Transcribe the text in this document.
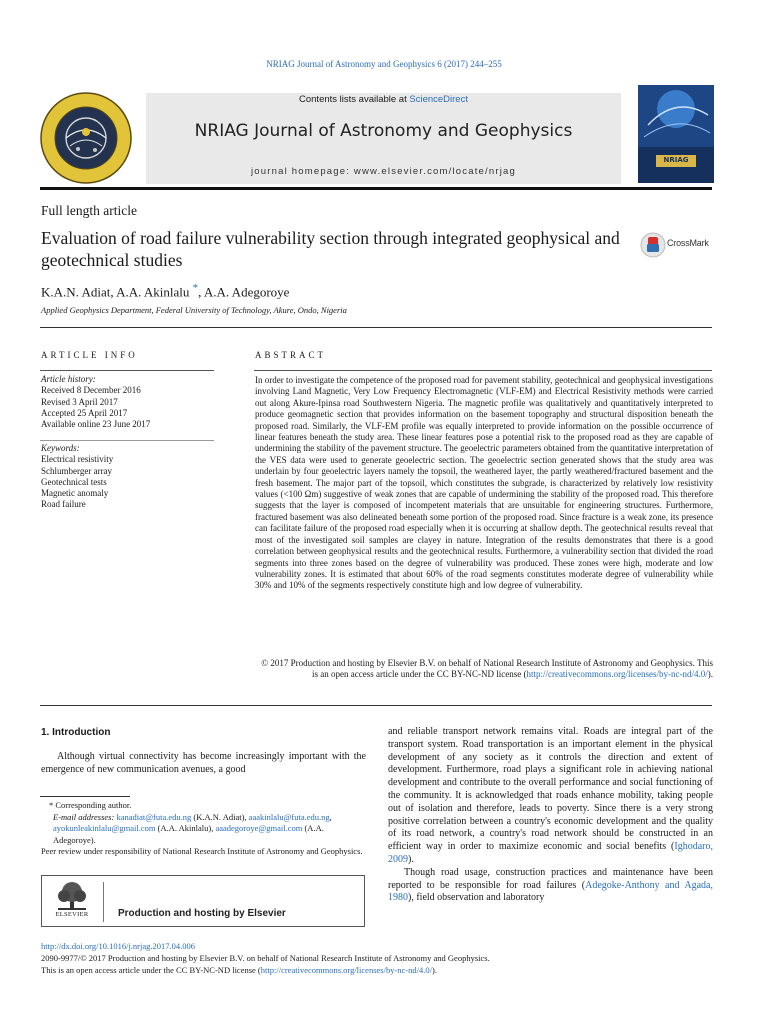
NRIAG Journal of Astronomy and Geophysics 6 (2017) 244–255
Contents lists available at ScienceDirect
NRIAG Journal of Astronomy and Geophysics
journal homepage: www.elsevier.com/locate/nrjag
NRIAG
Full length article
Evaluation of road failure vulnerability section through integrated geophysical and geotechnical studies
CrossMark
K.A.N. Adiat, A.A. Akinlalu *, A.A. Adegoroye
Applied Geophysics Department, Federal University of Technology, Akure, Ondo, Nigeria
ARTICLE INFO	ABSTRACT
Article history:
Received 8 December 2016
Revised 3 April 2017
Accepted 25 April 2017
Available online 23 June 2017
Keywords:
Electrical resistivity
Schlumberger array
Geotechnical tests
Magnetic anomaly
Road failure
In order to investigate the competence of the proposed road for pavement stability, geotechnical and geophysical investigations involving Land Magnetic, Very Low Frequency Electromagnetic (VLF-EM) and Electrical Resistivity methods were carried out along Akure-Ipinsa road Southwestern Nigeria. The magnetic profile was qualitatively and quantitatively interpreted to produce geomagnetic section that provides information on the basement topography and structural disposition beneath the proposed road. Similarly, the VLF-EM profile was equally interpreted to provide information on the possible occurrence of linear features beneath the study area. These linear features pose a potential risk to the proposed road as they are capable of undermining the stability of the pavement structure. The geoelectric parameters obtained from the quantitative interpretation of the VES data were used to generate geoelectric section. The geoelectric section generated shows that the study area was underlain by four geoelectric layers namely the topsoil, the weathered layer, the partly weathered/fractured basement and the fresh basement. The major part of the topsoil, which constitutes the subgrade, is characterized by relatively low resistivity values (<100 Ωm) suggestive of weak zones that are capable of undermining the stability of the proposed road. This therefore suggests that the layer is composed of incompetent materials that are unsuitable for engineering structures. Furthermore, fractured basement was also delineated beneath some portion of the proposed road. Since fracture is a weak zone, its presence can facilitate failure of the proposed road especially when it is occurring at shallow depth. The geotechnical results reveal that most of the investigated soil samples are clayey in nature. Integration of the results demonstrates that there is a good correlation between geophysical results and the geotechnical results. Furthermore, a vulnerability section that divided the road segments into three zones based on the degree of vulnerability was produced. These zones were high, moderate and low vulnerability zones. It is estimated that about 60% of the road segments constitutes moderate degree of vulnerability while 30% and 10% of the segments respectively constitute high and low degree of vulnerability.
© 2017 Production and hosting by Elsevier B.V. on behalf of National Research Institute of Astronomy and Geophysics. This is an open access article under the CC BY-NC-ND license (http://creativecommons.org/licenses/by-nc-nd/4.0/).
1. Introduction
Although virtual connectivity has become increasingly important with the emergence of new communication avenues, a good
* Corresponding author.
E-mail addresses: kanadiat@futa.edu.ng (K.A.N. Adiat), aaakinlalu@futa.edu.ng, ayokunleakinlalu@gmail.com (A.A. Akinlalu), aaadegoroye@gmail.com (A.A. Adegoroye).
Peer review under responsibility of National Research Institute of Astronomy and Geophysics.
ELSEVIER	Production and hosting by Elsevier

and reliable transport network remains vital. Roads are integral part of the transport system. Road transportation is an important element in the physical development of any society as it controls the direction and extent of development. Furthermore, road plays a significant role in achieving national development and contribute to the overall performance and social functioning of the community. It is acknowledged that roads enhance mobility, taking people out of isolation and therefore, leads to poverty. Since there is a very strong positive correlation between a country's economic development and the quality of its road network, a country's road network should be constructed in an efficient way in order to maximize economic and social benefits (Ighodaro, 2009).

Though road usage, construction practices and maintenance have been reported to be responsible for road failures (Adegoke-Anthony and Agada, 1980), field observation and laboratory

http://dx.doi.org/10.1016/j.nrjag.2017.04.006
2090-9977/© 2017 Production and hosting by Elsevier B.V. on behalf of National Research Institute of Astronomy and Geophysics.
This is an open access article under the CC BY-NC-ND license (http://creativecommons.org/licenses/by-nc-nd/4.0/).
